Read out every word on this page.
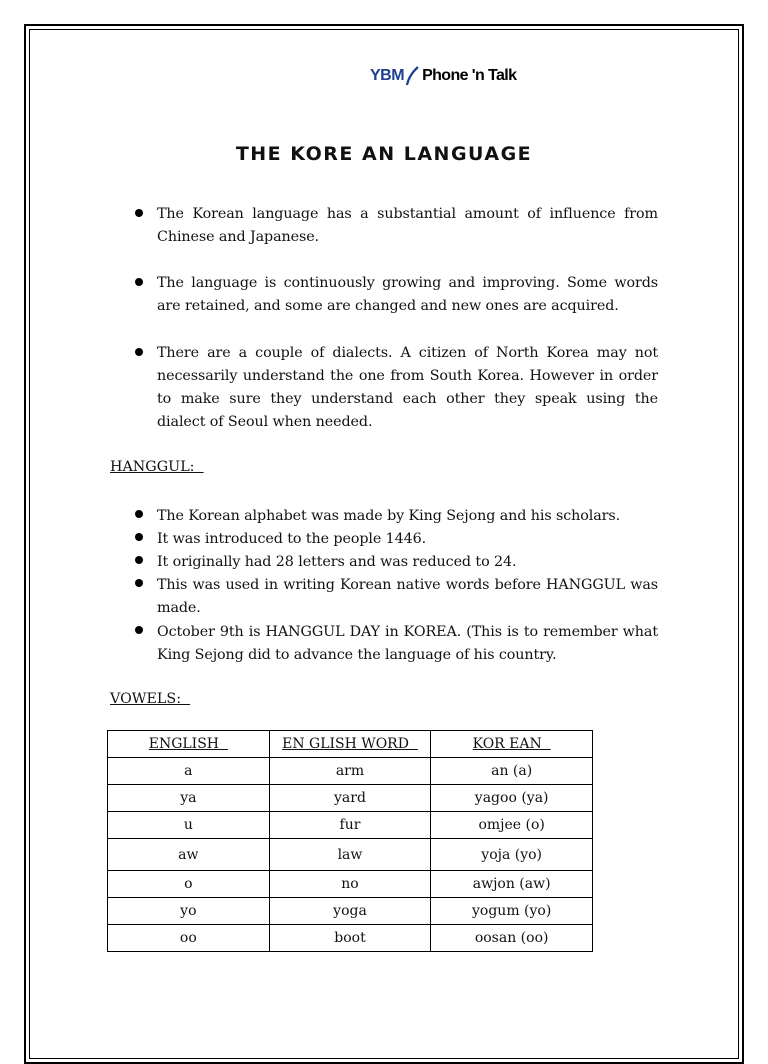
YBM Phone 'n Talk
THE KORE AN LANGUAGE
The Korean language has a substantial amount of influence from Chinese and Japanese.
The language is continuously growing and improving. Some words are retained, and some are changed and new ones are acquired.
There are a couple of dialects. A citizen of North Korea may not necessarily understand the one from South Korea. However in order to make sure they understand each other they speak using the dialect of Seoul when needed.
HANGGUL:
The Korean alphabet was made by King Sejong and his scholars.
It was introduced to the people 1446.
It originally had 28 letters and was reduced to 24.
This was used in writing Korean native words before HANGGUL was made.
October 9th is HANGGUL DAY in KOREA. (This is to remember what King Sejong did to advance the language of his country.
VOWELS:
ENGLISH	EN GLISH WORD	KOR EAN
a	arm	an (a)
ya	yard	yagoo (ya)
u	fur	omjee (o)
aw	law	yoja (yo)
o	no	awjon (aw)
yo	yoga	yogum (yo)
oo	boot	oosan (oo)
